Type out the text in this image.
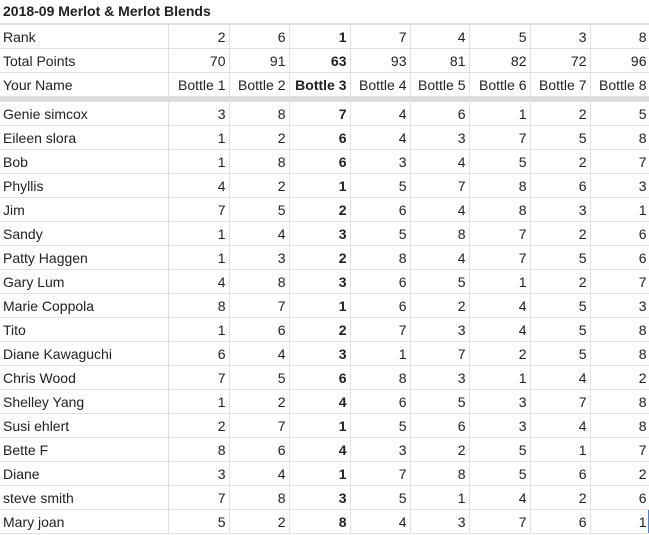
2018-09 Merlot & Merlot Blends
Rank	2	6	1	7	4	5	3	8
Total Points	70	91	63	93	81	82	72	96
Your Name	Bottle 1	Bottle 2	Bottle 3	Bottle 4	Bottle 5	Bottle 6	Bottle 7	Bottle 8

Genie simcox	3	8	7	4	6	1	2	5
Eileen slora	1	2	6	4	3	7	5	8
Bob	1	8	6	3	4	5	2	7
Phyllis	4	2	1	5	7	8	6	3
Jim	7	5	2	6	4	8	3	1
Sandy	1	4	3	5	8	7	2	6
Patty Haggen	1	3	2	8	4	7	5	6
Gary Lum	4	8	3	6	5	1	2	7
Marie Coppola	8	7	1	6	2	4	5	3
Tito	1	6	2	7	3	4	5	8
Diane Kawaguchi	6	4	3	1	7	2	5	8
Chris Wood	7	5	6	8	3	1	4	2
Shelley Yang	1	2	4	6	5	3	7	8
Susi ehlert	2	7	1	5	6	3	4	8
Bette F	8	6	4	3	2	5	1	7
Diane	3	4	1	7	8	5	6	2
steve smith	7	8	3	5	1	4	2	6
Mary joan	5	2	8	4	3	7	6	1
